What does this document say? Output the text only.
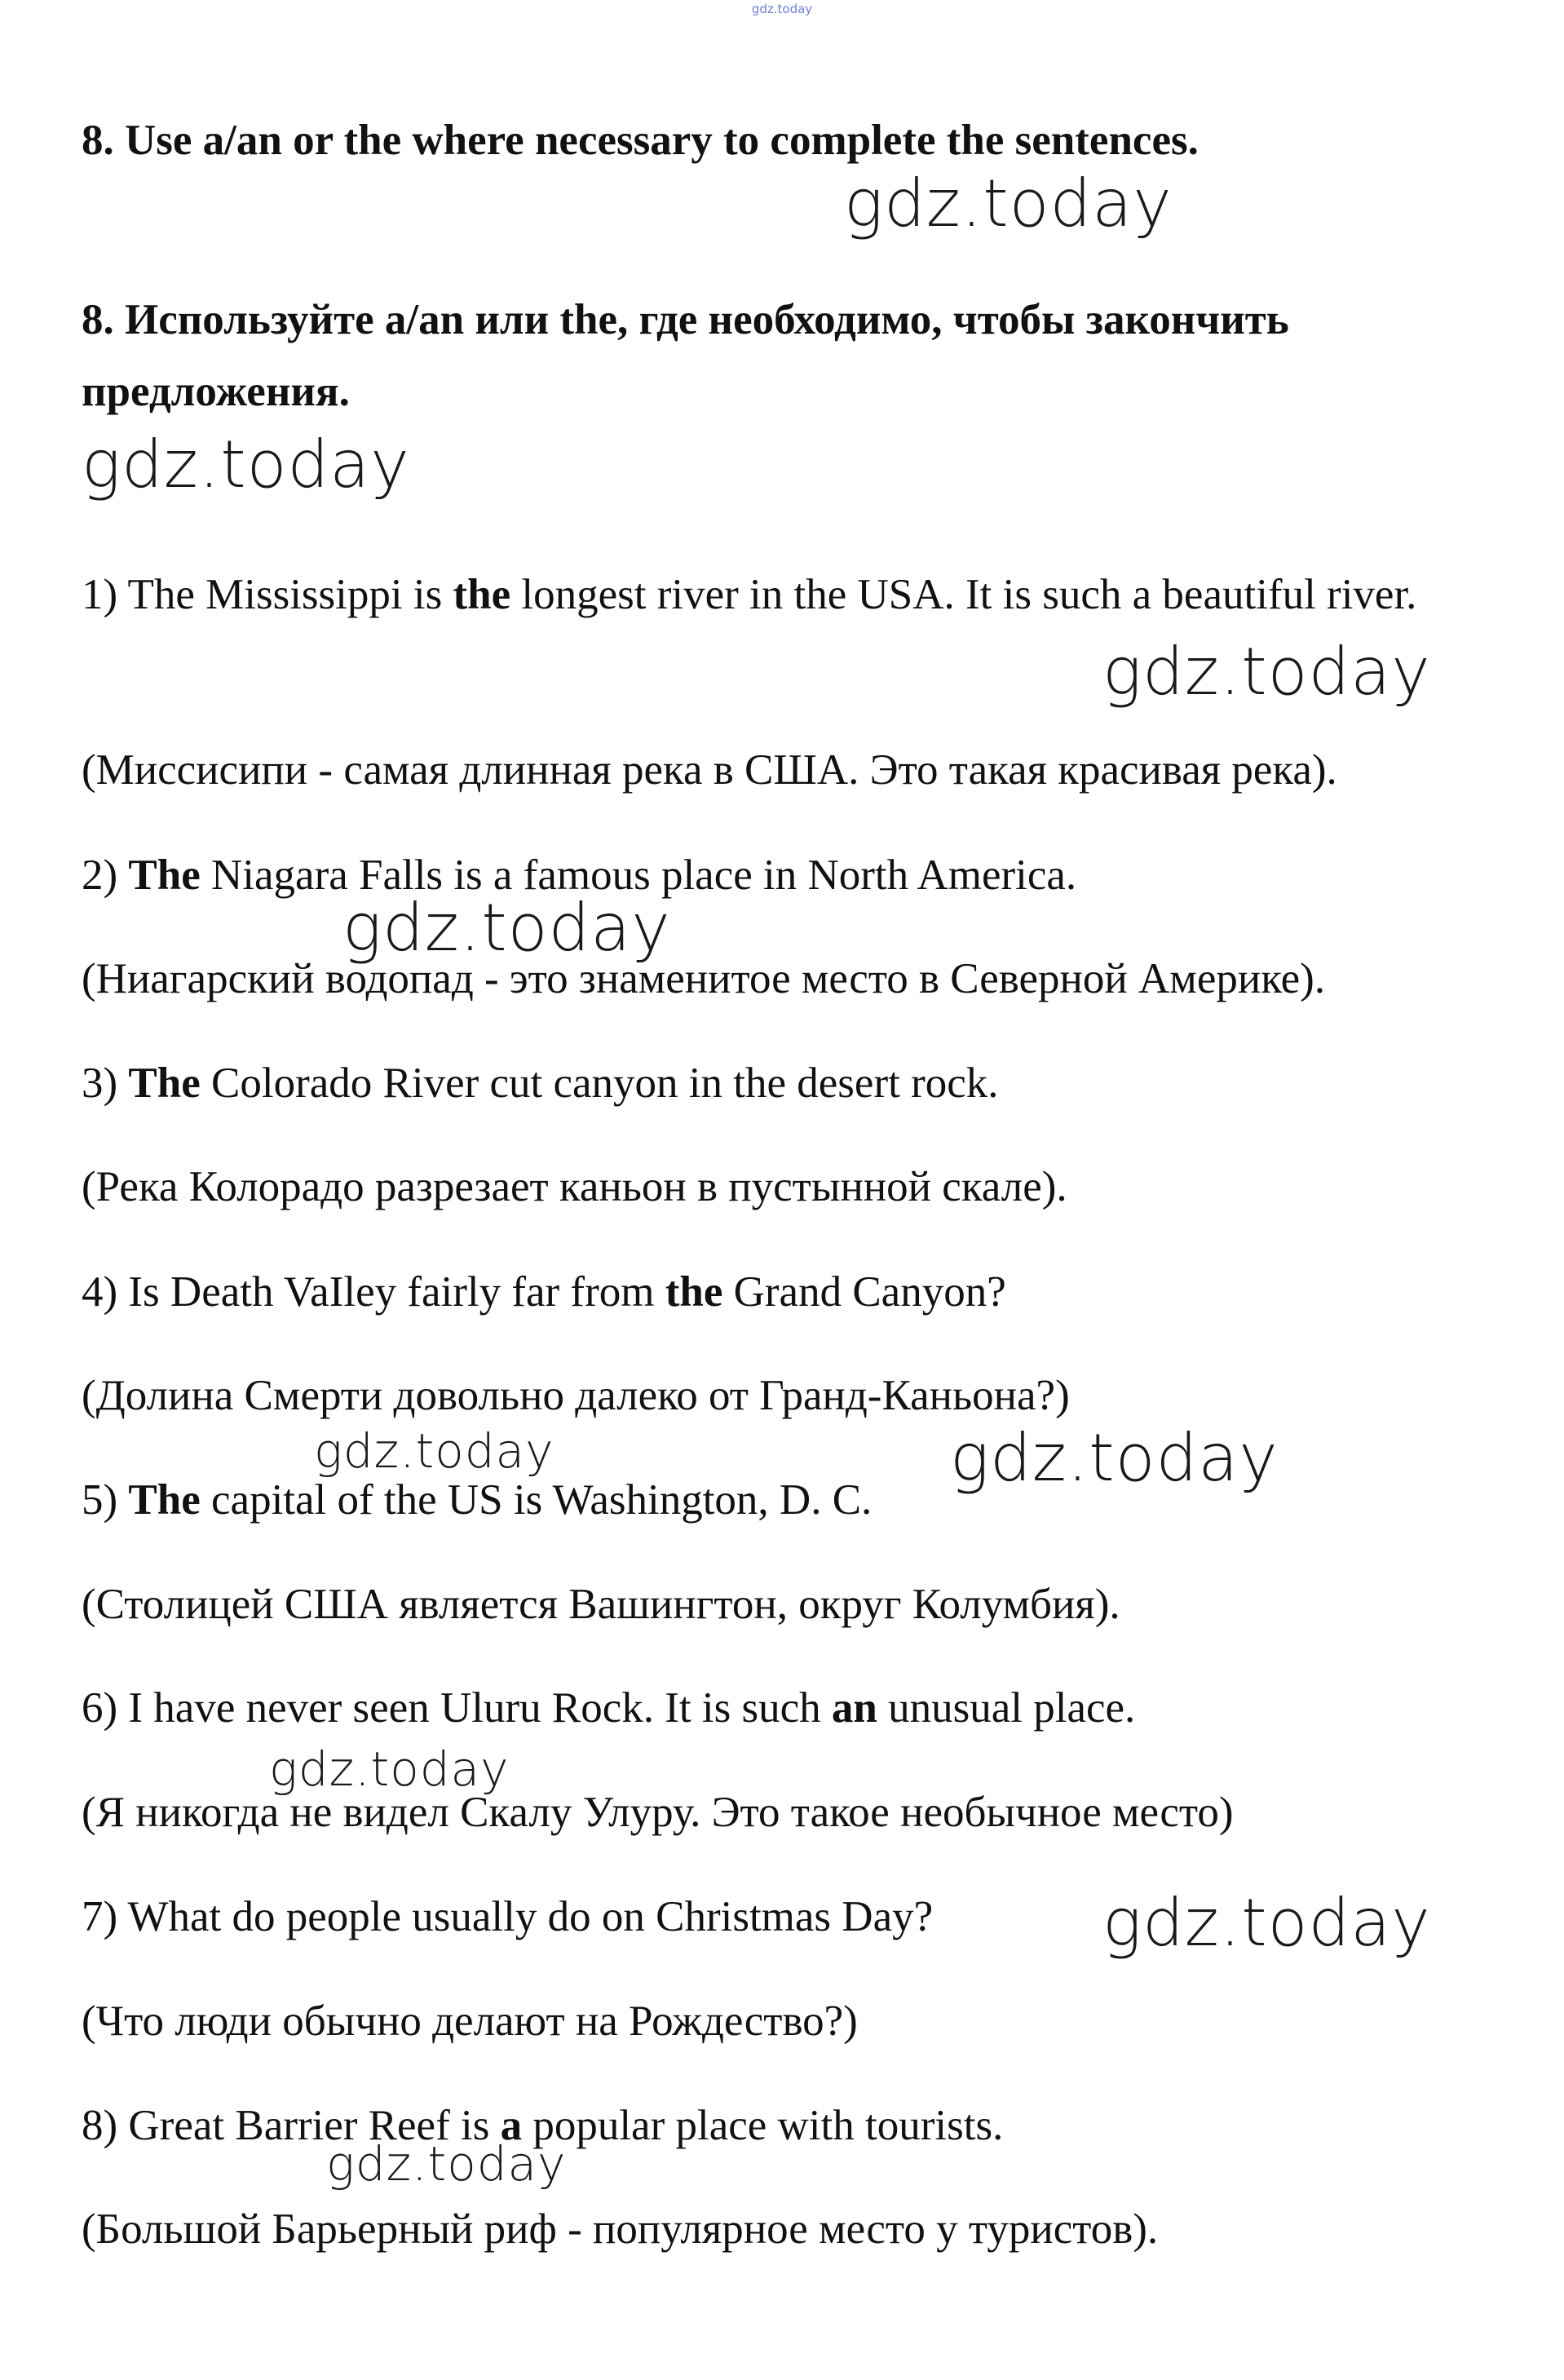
gdz.today

8. Use a/an or the where necessary to complete the sentences.

8. Используйте a/an или the, где необходимо, чтобы закончить предложения.

1) The Mississippi is the longest river in the USA. It is such a beautiful river.

(Миссисипи - самая длинная река в США. Это такая красивая река).

2) The Niagara Falls is a famous place in North America.

(Ниагарский водопад - это знаменитое место в Северной Америке).

3) The Colorado River cut canyon in the desert rock.

(Река Колорадо разрезает каньон в пустынной скале).

4) Is Death VaIley fairly far from the Grand Canyon?

(Долина Смерти довольно далеко от Гранд-Каньона?)

5) The capital of the US is Washington, D. C.

(Столицей США является Вашингтон, округ Колумбия).

6) I have never seen Uluru Rock. It is such an unusual place.

(Я никогда не видел Скалу Улуру. Это такое необычное место)

7) What do people usually do on Christmas Day?

(Что люди обычно делают на Рождество?)

8) Great Barrier Reef is a popular place with tourists.

(Большой Барьерный риф - популярное место у туристов).

gdz.today
gdz.today
gdz.today
gdz.today
gdz.today	gdz.today
gdz.today
gdz.today
gdz.today
